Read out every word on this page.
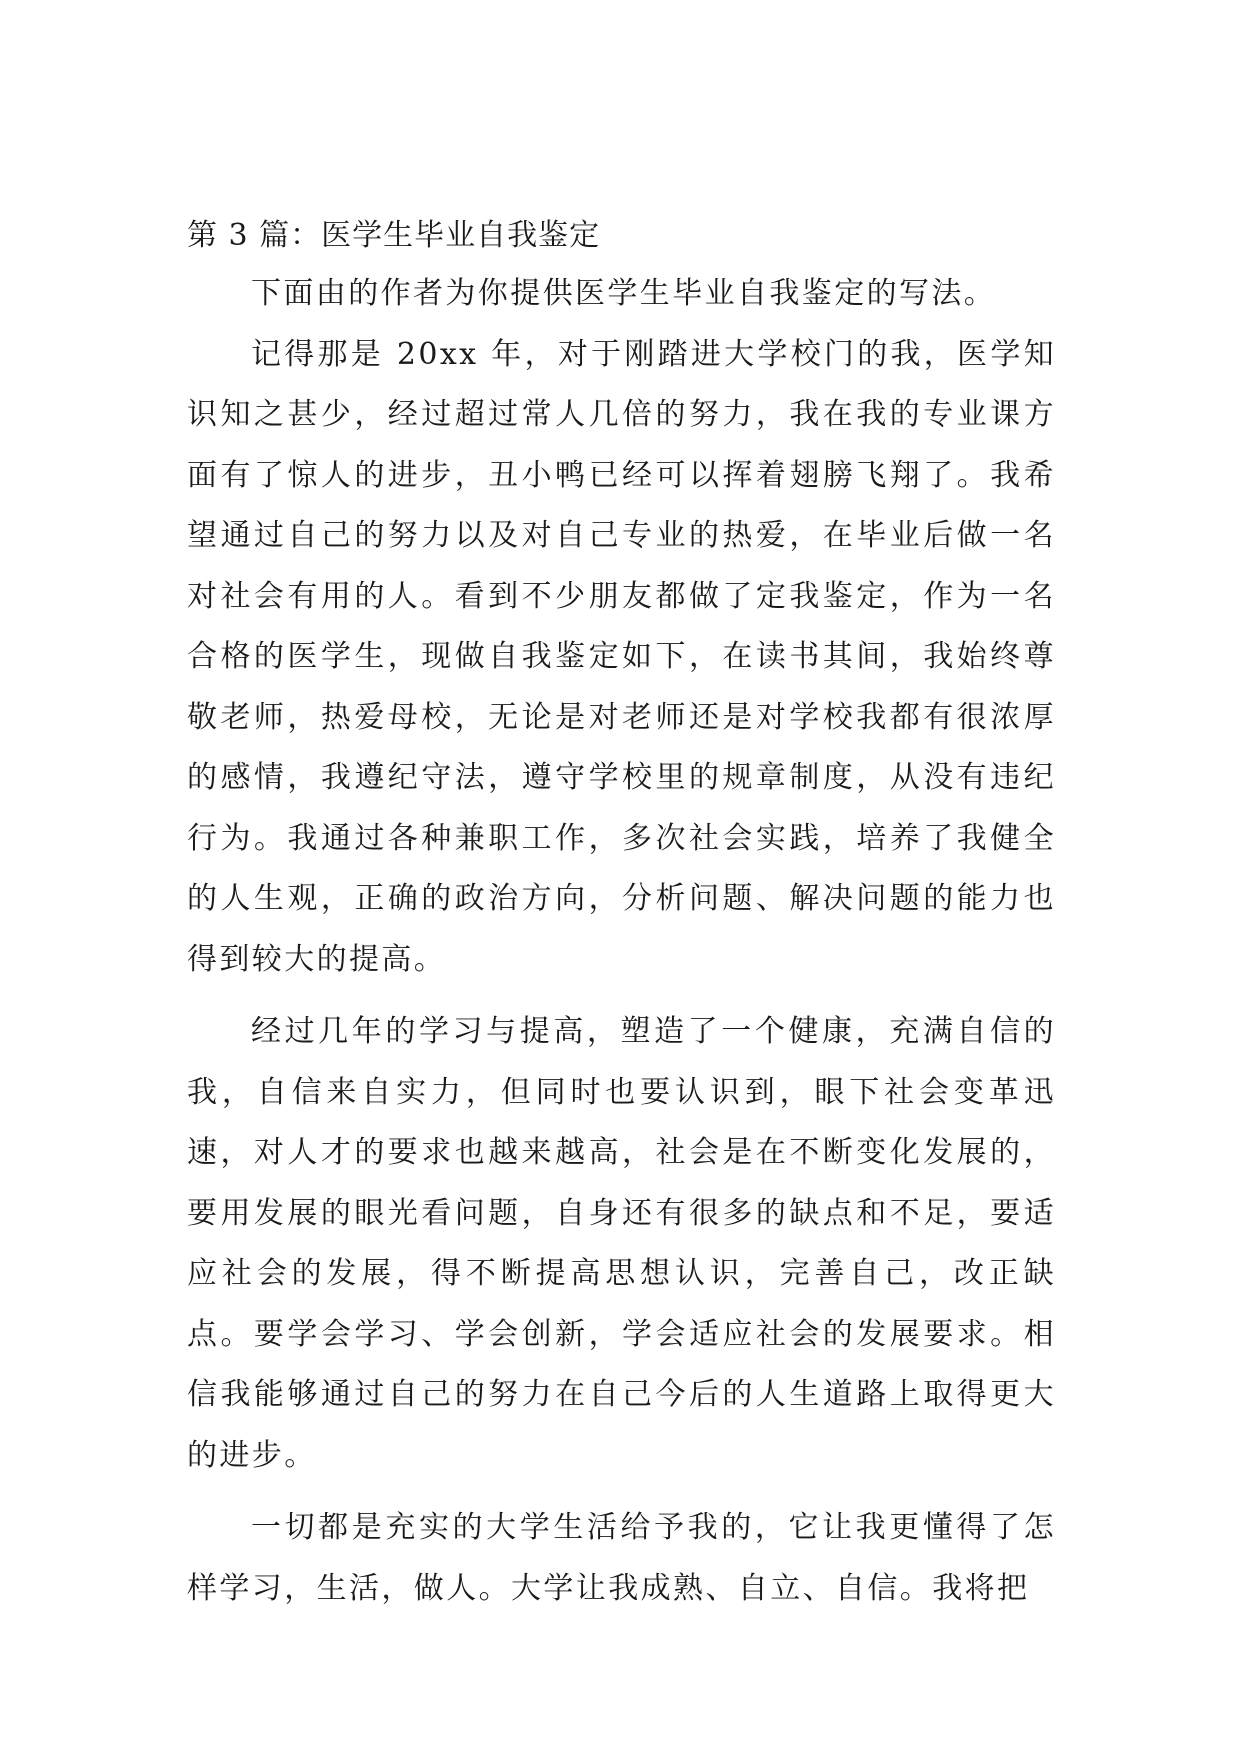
第 3 篇：医学生毕业自我鉴定

下面由的作者为你提供医学生毕业自我鉴定的写法。

记得那是 20xx 年，对于刚踏进大学校门的我，医学知识知之甚少，经过超过常人几倍的努力，我在我的专业课方面有了惊人的进步，丑小鸭已经可以挥着翅膀飞翔了。我希望通过自己的努力以及对自己专业的热爱，在毕业后做一名对社会有用的人。看到不少朋友都做了定我鉴定，作为一名合格的医学生，现做自我鉴定如下，在读书其间，我始终尊敬老师，热爱母校，无论是对老师还是对学校我都有很浓厚的感情，我遵纪守法，遵守学校里的规章制度，从没有违纪行为。我通过各种兼职工作，多次社会实践，培养了我健全的人生观，正确的政治方向，分析问题、解决问题的能力也得到较大的提高。

经过几年的学习与提高，塑造了一个健康，充满自信的我，自信来自实力，但同时也要认识到，眼下社会变革迅速，对人才的要求也越来越高，社会是在不断变化发展的，要用发展的眼光看问题，自身还有很多的缺点和不足，要适应社会的发展，得不断提高思想认识，完善自己，改正缺点。要学会学习、学会创新，学会适应社会的发展要求。相信我能够通过自己的努力在自己今后的人生道路上取得更大的进步。

一切都是充实的大学生活给予我的，它让我更懂得了怎样学习，生活，做人。大学让我成熟、自立、自信。我将把
